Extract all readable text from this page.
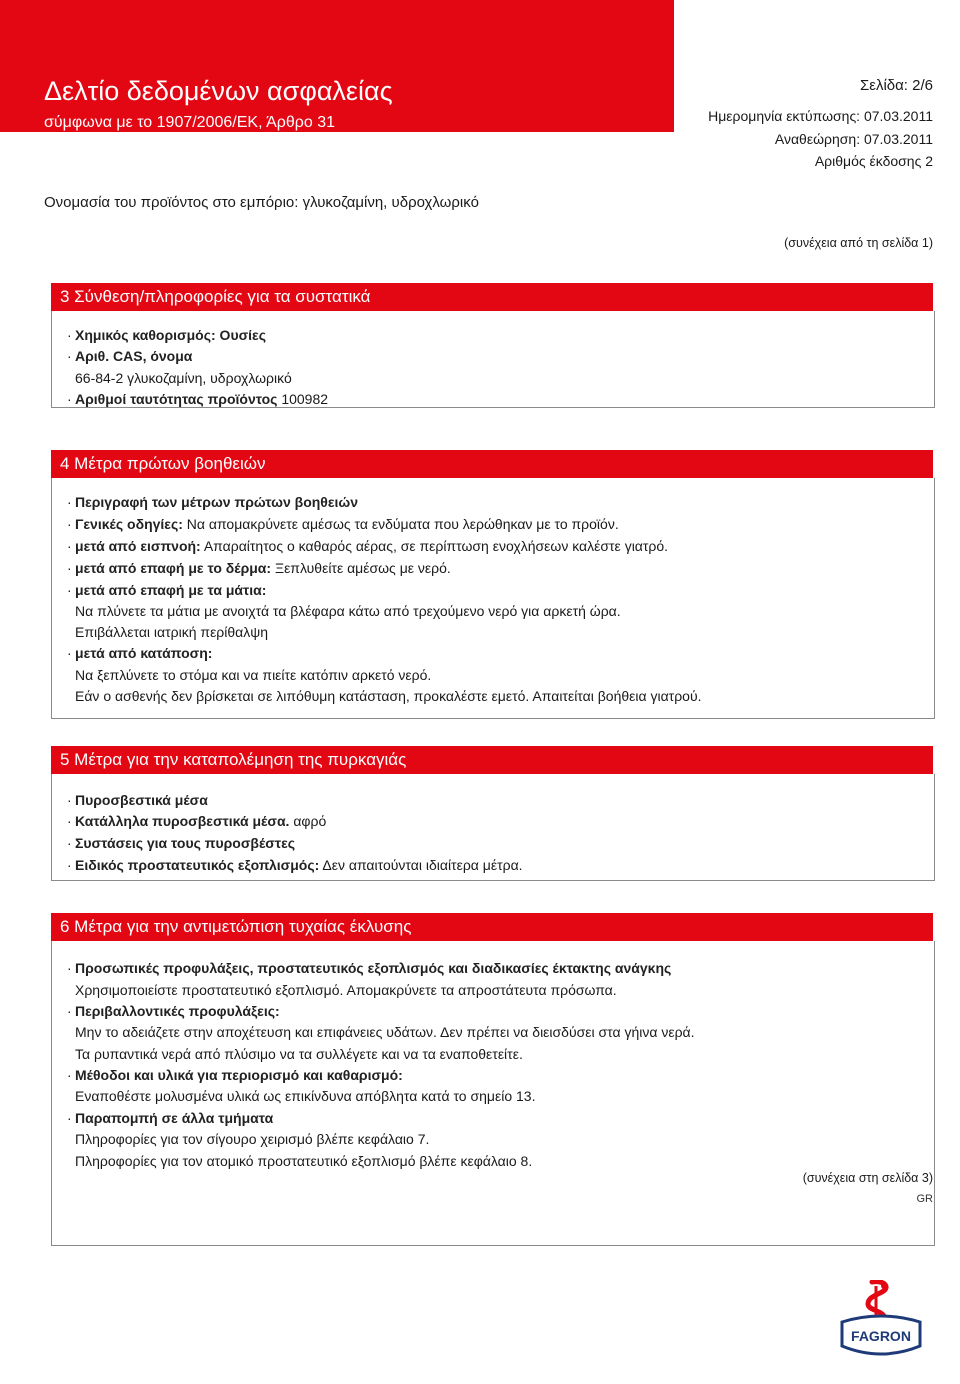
Δελτίο δεδομένων ασφαλείας
σύμφωνα με το 1907/2006/ΕΚ, Άρθρο 31
Σελίδα: 2/6
Ημερομηνία εκτύπωσης: 07.03.2011
Αναθεώρηση: 07.03.2011
Αριθμός έκδοσης 2
Ονομασία του προϊόντος στο εμπόριο: γλυκοζαμίνη, υδροχλωρικό
(συνέχεια από τη σελίδα 1)
3 Σύνθεση/πληροφορίες για τα συστατικά
· Χημικός καθορισμός: Ουσίες
· Αριθ. CAS, όνομα
66-84-2 γλυκοζαμίνη, υδροχλωρικό
· Αριθμοί ταυτότητας προϊόντος 100982
4 Μέτρα πρώτων βοηθειών
· Περιγραφή των μέτρων πρώτων βοηθειών
· Γενικές οδηγίες: Να απομακρύνετε αμέσως τα ενδύματα που λερώθηκαν με το προϊόν.
· μετά από εισπνοή: Απαραίτητος ο καθαρός αέρας, σε περίπτωση ενοχλήσεων καλέστε γιατρό.
· μετά από επαφή με το δέρμα: Ξεπλυθείτε αμέσως με νερό.
· μετά από επαφή με τα μάτια:
Να πλύνετε τα μάτια με ανοιχτά τα βλέφαρα κάτω από τρεχούμενο νερό για αρκετή ώρα.
Επιβάλλεται ιατρική περίθαλψη
· μετά από κατάποση:
Να ξεπλύνετε το στόμα και να πιείτε κατόπιν αρκετό νερό.
Εάν ο ασθενής δεν βρίσκεται σε λιπόθυμη κατάσταση, προκαλέστε εμετό. Απαιτείται βοήθεια γιατρού.
5 Μέτρα για την καταπολέμηση της πυρκαγιάς
· Πυροσβεστικά μέσα
· Κατάλληλα πυροσβεστικά μέσα. αφρό
· Συστάσεις για τους πυροσβέστες
· Ειδικός προστατευτικός εξοπλισμός: Δεν απαιτούνται ιδιαίτερα μέτρα.
6 Μέτρα για την αντιμετώπιση τυχαίας έκλυσης
· Προσωπικές προφυλάξεις, προστατευτικός εξοπλισμός και διαδικασίες έκτακτης ανάγκης
Χρησιμοποιείστε προστατευτικό εξοπλισμό. Απομακρύνετε τα απροστάτευτα πρόσωπα.
· Περιβαλλοντικές προφυλάξεις:
Μην το αδειάζετε στην αποχέτευση και επιφάνειες υδάτων. Δεν πρέπει να διεισδύσει στα γήινα νερά.
Τα ρυπαντικά νερά από πλύσιμο να τα συλλέγετε και να τα εναποθετείτε.
· Μέθοδοι και υλικά για περιορισμό και καθαρισμό:
Εναποθέστε μολυσμένα υλικά ως επικίνδυνα απόβλητα κατά το σημείο 13.
· Παραπομπή σε άλλα τμήματα
Πληροφορίες για τον σίγουρο χειρισμό βλέπε κεφάλαιο 7.
Πληροφορίες για τον ατομικό προστατευτικό εξοπλισμό βλέπε κεφάλαιο 8.
(συνέχεια στη σελίδα 3)
GR
FAGRON
